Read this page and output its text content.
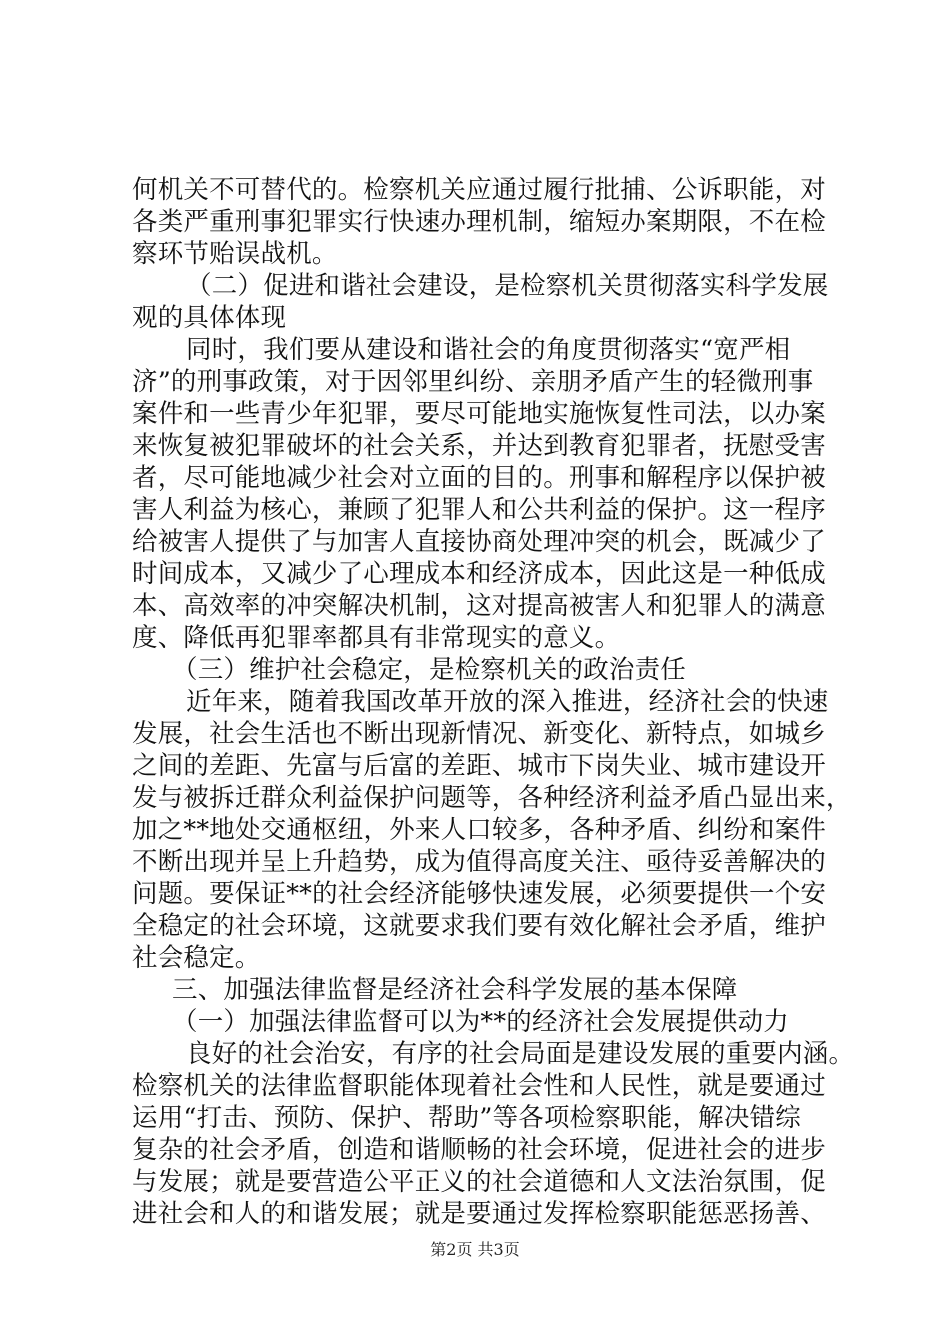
何机关不可替代的。检察机关应通过履行批捕、公诉职能，对
各类严重刑事犯罪实行快速办理机制，缩短办案期限，不在检
察环节贻误战机。
（二）促进和谐社会建设，是检察机关贯彻落实科学发展
观的具体体现
同时，我们要从建设和谐社会的角度贯彻落实“宽严相
济”的刑事政策，对于因邻里纠纷、亲朋矛盾产生的轻微刑事
案件和一些青少年犯罪，要尽可能地实施恢复性司法，以办案
来恢复被犯罪破坏的社会关系，并达到教育犯罪者，抚慰受害
者，尽可能地减少社会对立面的目的。刑事和解程序以保护被
害人利益为核心，兼顾了犯罪人和公共利益的保护。这一程序
给被害人提供了与加害人直接协商处理冲突的机会，既减少了
时间成本，又减少了心理成本和经济成本，因此这是一种低成
本、高效率的冲突解决机制，这对提高被害人和犯罪人的满意
度、降低再犯罪率都具有非常现实的意义。
（三）维护社会稳定，是检察机关的政治责任
近年来，随着我国改革开放的深入推进，经济社会的快速
发展，社会生活也不断出现新情况、新变化、新特点，如城乡
之间的差距、先富与后富的差距、城市下岗失业、城市建设开
发与被拆迁群众利益保护问题等，各种经济利益矛盾凸显出来，
加之**地处交通枢纽，外来人口较多，各种矛盾、纠纷和案件
不断出现并呈上升趋势，成为值得高度关注、亟待妥善解决的
问题。要保证**的社会经济能够快速发展，必须要提供一个安
全稳定的社会环境，这就要求我们要有效化解社会矛盾，维护
社会稳定。
三、加强法律监督是经济社会科学发展的基本保障
（一）加强法律监督可以为**的经济社会发展提供动力
良好的社会治安，有序的社会局面是建设发展的重要内涵。
检察机关的法律监督职能体现着社会性和人民性，就是要通过
运用“打击、预防、保护、帮助”等各项检察职能，解决错综
复杂的社会矛盾，创造和谐顺畅的社会环境，促进社会的进步
与发展；就是要营造公平正义的社会道德和人文法治氛围，促
进社会和人的和谐发展；就是要通过发挥检察职能惩恶扬善、
第2页 共3页
